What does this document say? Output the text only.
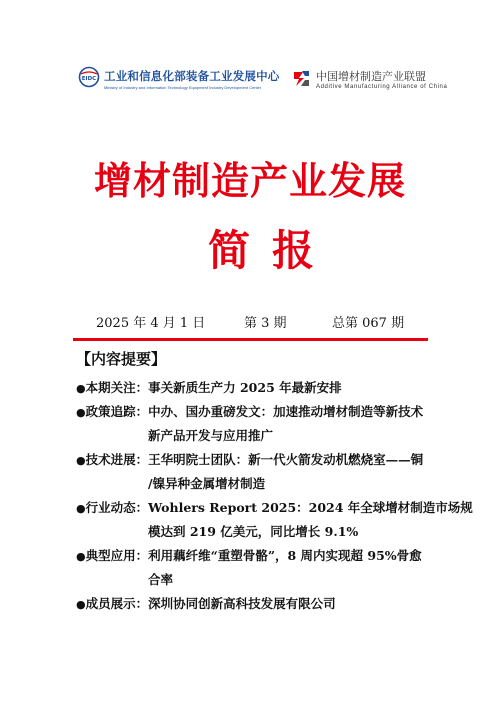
EIDC 工业和信息化部装备工业发展中心
Ministry of Industry and Information Technology Equipment Industry Development Center
中国增材制造产业联盟
Additive Manufacturing Alliance of China
增材制造产业发展
简报
2025 年 4 月 1 日	第 3 期	总第 067 期
【内容提要】
●本期关注：事关新质生产力 2025 年最新安排
●政策追踪：中办、国办重磅发文：加速推动增材制造等新技术
新产品开发与应用推广
●技术进展：王华明院士团队：新一代火箭发动机燃烧室——铜
/镍异种金属增材制造
●行业动态：Wohlers Report 2025：2024 年全球增材制造市场规
模达到 219 亿美元，同比增长 9.1%
●典型应用：利用藕纤维“重塑骨骼”，8 周内实现超 95%骨愈
合率
●成员展示：深圳协同创新高科技发展有限公司
